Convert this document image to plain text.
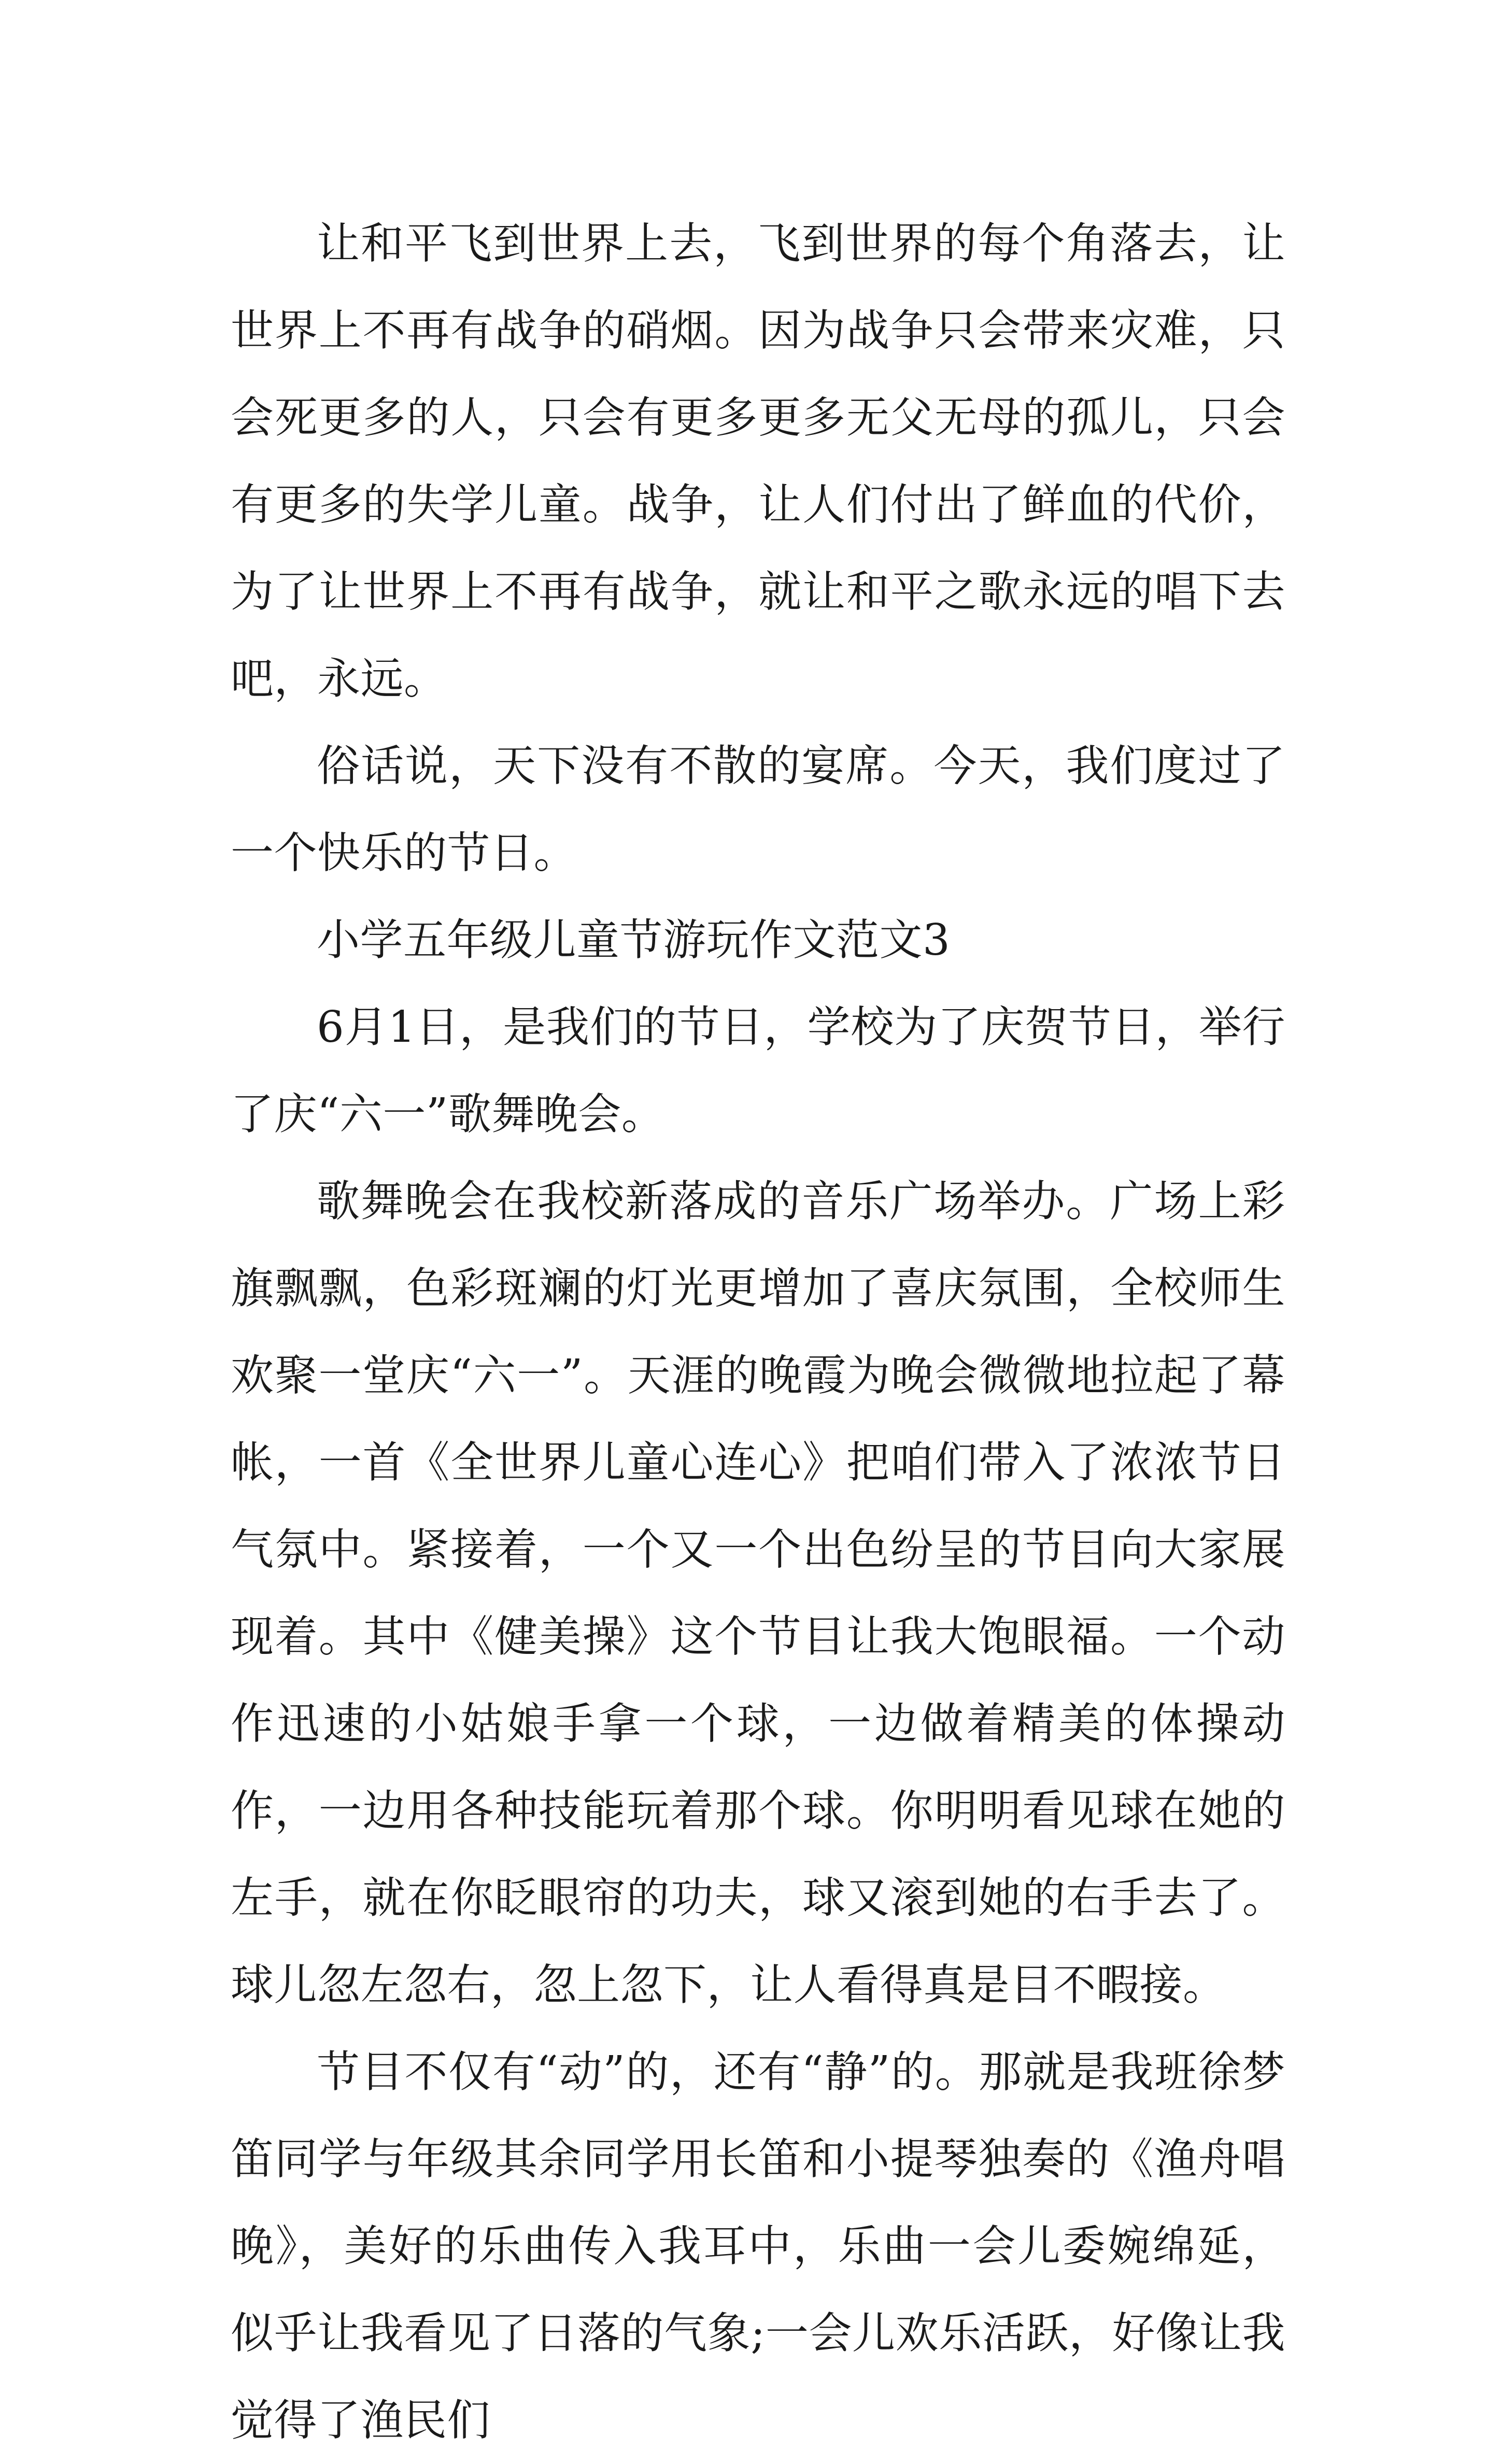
让和平飞到世界上去，飞到世界的每个角落去，让世界上不再有战争的硝烟。因为战争只会带来灾难，只会死更多的人，只会有更多更多无父无母的孤儿，只会有更多的失学儿童。战争，让人们付出了鲜血的代价，为了让世界上不再有战争，就让和平之歌永远的唱下去吧，永远。

俗话说，天下没有不散的宴席。今天，我们度过了一个快乐的节日。

小学五年级儿童节游玩作文范文3

6月1日，是我们的节日，学校为了庆贺节日，举行了庆“六一”歌舞晚会。

歌舞晚会在我校新落成的音乐广场举办。广场上彩旗飘飘，色彩斑斓的灯光更增加了喜庆氛围，全校师生欢聚一堂庆“六一”。天涯的晚霞为晚会微微地拉起了幕帐，一首《全世界儿童心连心》把咱们带入了浓浓节日气氛中。紧接着，一个又一个出色纷呈的节目向大家展现着。其中《健美操》这个节目让我大饱眼福。一个动作迅速的小姑娘手拿一个球，一边做着精美的体操动作，一边用各种技能玩着那个球。你明明看见球在她的左手，就在你眨眼帘的功夫，球又滚到她的右手去了。球儿忽左忽右，忽上忽下，让人看得真是目不暇接。

节目不仅有“动”的，还有“静”的。那就是我班徐梦笛同学与年级其余同学用长笛和小提琴独奏的《渔舟唱晚》，美好的乐曲传入我耳中，乐曲一会儿委婉绵延，似乎让我看见了日落的气象;一会儿欢乐活跃，好像让我觉得了渔民们
